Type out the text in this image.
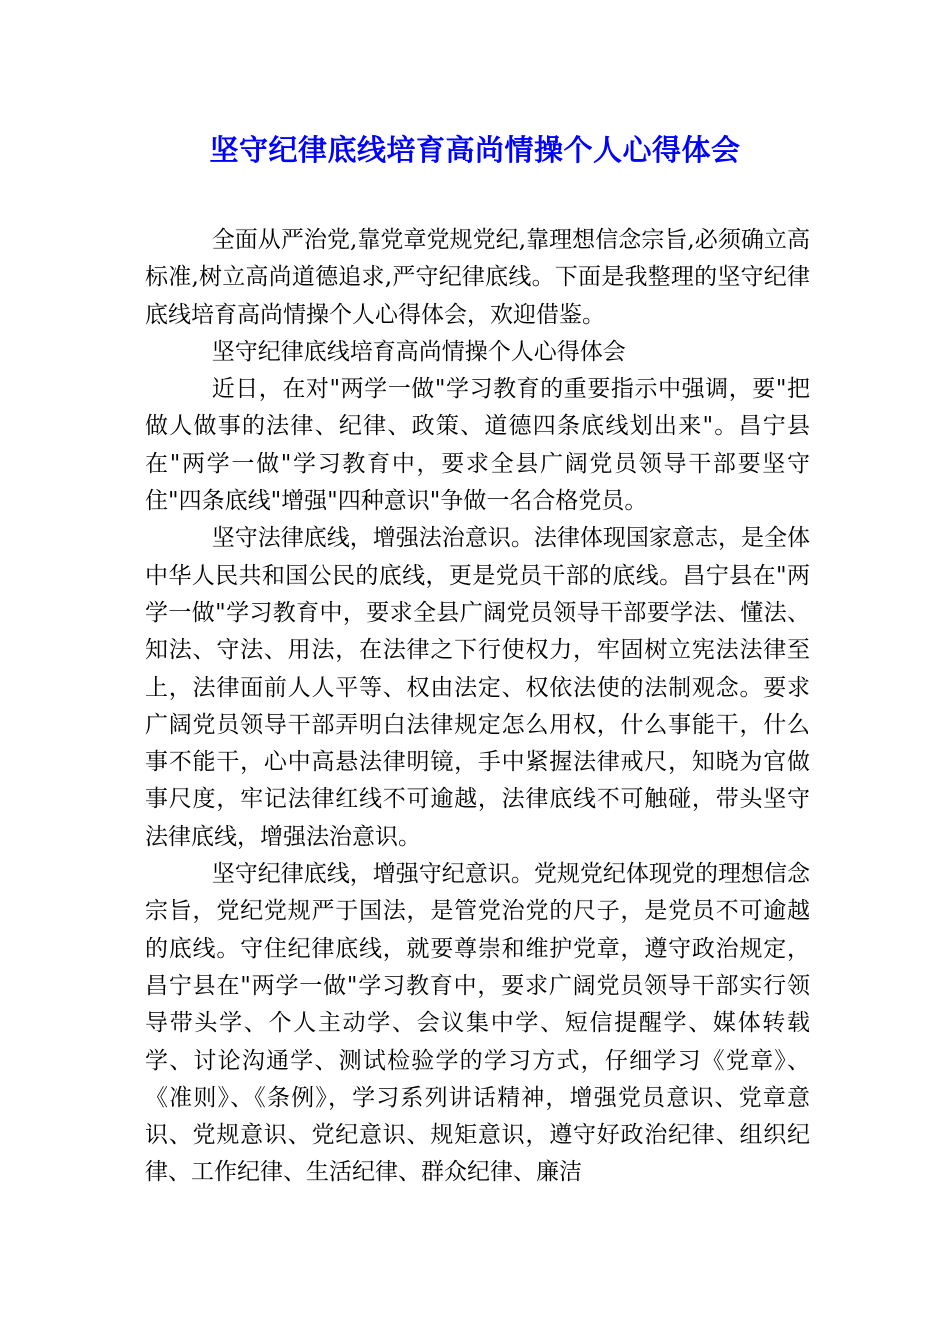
坚守纪律底线培育高尚情操个人心得体会

全面从严治党,靠党章党规党纪,靠理想信念宗旨,必须确立高标准,树立高尚道德追求,严守纪律底线。下面是我整理的坚守纪律底线培育高尚情操个人心得体会，欢迎借鉴。

坚守纪律底线培育高尚情操个人心得体会

近日，在对"两学一做"学习教育的重要指示中强调，要"把做人做事的法律、纪律、政策、道德四条底线划出来"。昌宁县在"两学一做"学习教育中，要求全县广阔党员领导干部要坚守住"四条底线"增强"四种意识"争做一名合格党员。

坚守法律底线，增强法治意识。法律体现国家意志，是全体中华人民共和国公民的底线，更是党员干部的底线。昌宁县在"两学一做"学习教育中，要求全县广阔党员领导干部要学法、懂法、知法、守法、用法，在法律之下行使权力，牢固树立宪法法律至上，法律面前人人平等、权由法定、权依法使的法制观念。要求广阔党员领导干部弄明白法律规定怎么用权，什么事能干，什么事不能干，心中高悬法律明镜，手中紧握法律戒尺，知晓为官做事尺度，牢记法律红线不可逾越，法律底线不可触碰，带头坚守法律底线，增强法治意识。

坚守纪律底线，增强守纪意识。党规党纪体现党的理想信念宗旨，党纪党规严于国法，是管党治党的尺子，是党员不可逾越的底线。守住纪律底线，就要尊崇和维护党章，遵守政治规定，昌宁县在"两学一做"学习教育中，要求广阔党员领导干部实行领导带头学、个人主动学、会议集中学、短信提醒学、媒体转载学、讨论沟通学、测试检验学的学习方式，仔细学习《党章》、《准则》、《条例》，学习系列讲话精神，增强党员意识、党章意识、党规意识、党纪意识、规矩意识，遵守好政治纪律、组织纪律、工作纪律、生活纪律、群众纪律、廉洁
